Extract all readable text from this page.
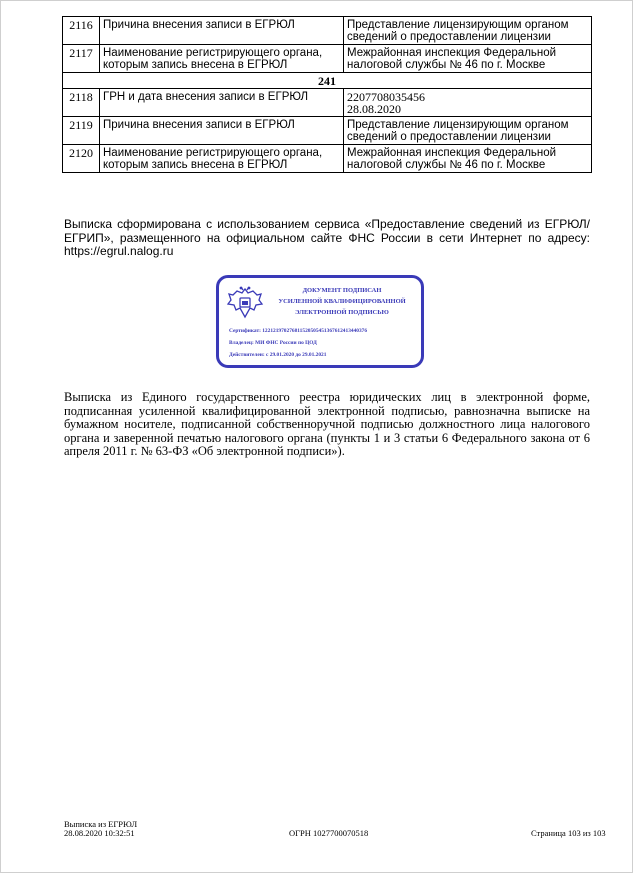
2116	Причина внесения записи в ЕГРЮЛ	Представление лицензирующим органом сведений о предоставлении лицензии
2117	Наименование регистрирующего органа, которым запись внесена в ЕГРЮЛ	Межрайонная инспекция Федеральной налоговой службы № 46 по г. Москве
241		
2118	ГРН и дата внесения записи в ЕГРЮЛ	2207708035456
28.08.2020
2119	Причина внесения записи в ЕГРЮЛ	Представление лицензирующим органом сведений о предоставлении лицензии
2120	Наименование регистрирующего органа, которым запись внесена в ЕГРЮЛ	Межрайонная инспекция Федеральной налоговой службы № 46 по г. Москве
Выписка сформирована с использованием сервиса «Предоставление сведений из ЕГРЮЛ/ЕГРИП», размещенного на официальном сайте ФНС России в сети Интернет по адресу: https://egrul.nalog.ru
ДОКУМЕНТ ПОДПИСАН
УСИЛЕННОЙ КВАЛИФИЦИРОВАННОЙ
ЭЛЕКТРОННОЙ ПОДПИСЬЮ
Сертификат: 1221219702768115205054513676124134403​76
Владелец: МИ ФНС России по ЦОД
Действителен: с 29.01.2020 до 29.01.2021
Выписка из Единого государственного реестра юридических лиц в электронной форме, подписанная усиленной квалифицированной электронной подписью, равнозначна выписке на бумажном носителе, подписанной собственноручной подписью должностного лица налогового органа и заверенной печатью налогового органа (пункты 1 и 3 статьи 6 Федерального закона от 6 апреля 2011 г. № 63-ФЗ «Об электронной подписи»).
Выписка из ЕГРЮЛ
28.08.2020 10:32:51	ОГРН 1027700070518	Страница 103 из 103
